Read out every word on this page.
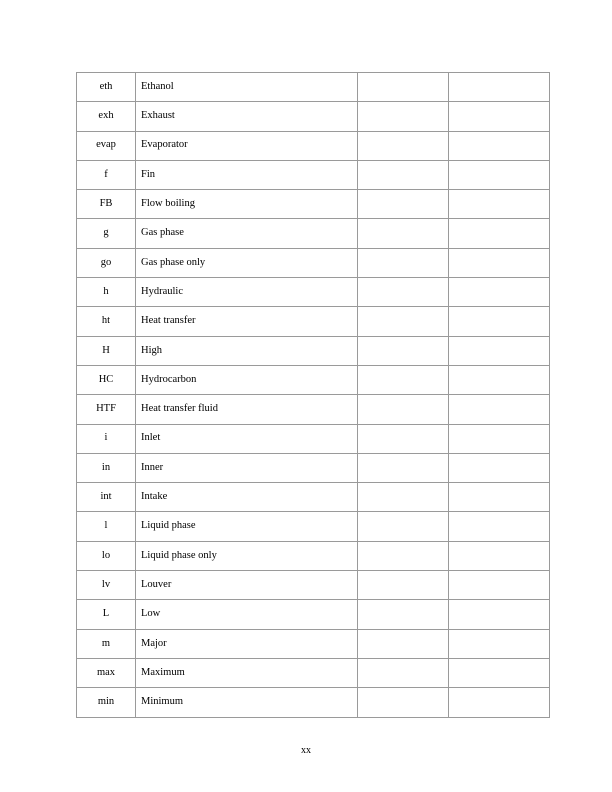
eth	Ethanol		
exh	Exhaust		
evap	Evaporator		
f	Fin		
FB	Flow boiling		
g	Gas phase		
go	Gas phase only		
h	Hydraulic		
ht	Heat transfer		
H	High		
HC	Hydrocarbon		
HTF	Heat transfer fluid		
i	Inlet		
in	Inner		
int	Intake		
l	Liquid phase		
lo	Liquid phase only		
lv	Louver		
L	Low		
m	Major		
max	Maximum		
min	Minimum		
xx
